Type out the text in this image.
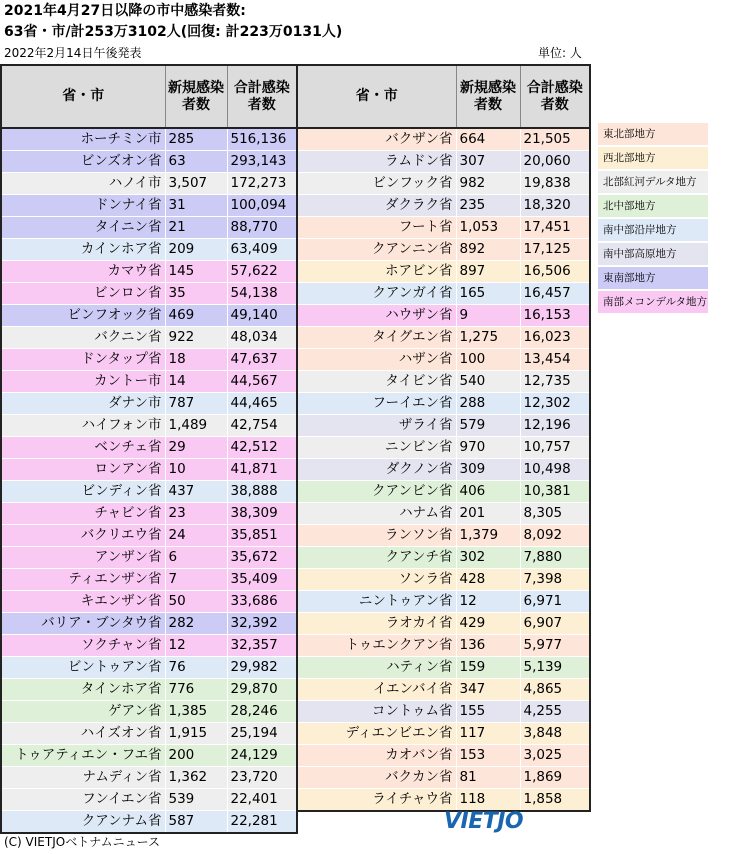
2021年4月27日以降の市中感染者数:
63省・市/計253万3102人(回復: 計223万0131人)
2022年2月14日午後発表	単位: 人
省・市	新規感染者数	合計感染者数

ホーチミン市	285	516,136
ビンズオン省	63	293,143
ハノイ市	3,507	172,273
ドンナイ省	31	100,094
タイニン省	21	88,770
カインホア省	209	63,409
カマウ省	145	57,622
ビンロン省	35	54,138
ビンフオック省	469	49,140
バクニン省	922	48,034
ドンタップ省	18	47,637
カントー市	14	44,567
ダナン市	787	44,465
ハイフォン市	1,489	42,754
ベンチェ省	29	42,512
ロンアン省	10	41,871
ビンディン省	437	38,888
チャビン省	23	38,309
バクリエウ省	24	35,851
アンザン省	6	35,672
ティエンザン省	7	35,409
キエンザン省	50	33,686
バリア・ブンタウ省	282	32,392
ソクチャン省	12	32,357
ビントゥアン省	76	29,982
タインホア省	776	29,870
ゲアン省	1,385	28,246
ハイズオン省	1,915	25,194
トゥアティエン・フエ省	200	24,129
ナムディン省	1,362	23,720
フンイエン省	539	22,401
クアンナム省	587	22,281
省・市	新規感染者数	合計感染者数

バクザン省	664	21,505
ラムドン省	307	20,060
ビンフック省	982	19,838
ダクラク省	235	18,320
フート省	1,053	17,451
クアンニン省	892	17,125
ホアビン省	897	16,506
クアンガイ省	165	16,457
ハウザン省	9	16,153
タイグエン省	1,275	16,023
ハザン省	100	13,454
タイビン省	540	12,735
フーイエン省	288	12,302
ザライ省	579	12,196
ニンビン省	970	10,757
ダクノン省	309	10,498
クアンビン省	406	10,381
ハナム省	201	8,305
ランソン省	1,379	8,092
クアンチ省	302	7,880
ソンラ省	428	7,398
ニントゥアン省	12	6,971
ラオカイ省	429	6,907
トゥエンクアン省	136	5,977
ハティン省	159	5,139
イエンバイ省	347	4,865
コントゥム省	155	4,255
ディエンビエン省	117	3,848
カオバン省	153	3,025
バクカン省	81	1,869
ライチャウ省	118	1,858
東北部地方
西北部地方
北部紅河デルタ地方
北中部地方
南中部沿岸地方
南中部高原地方
東南部地方
南部メコンデルタ地方
VIETJO
(C) VIETJOベトナムニュース
